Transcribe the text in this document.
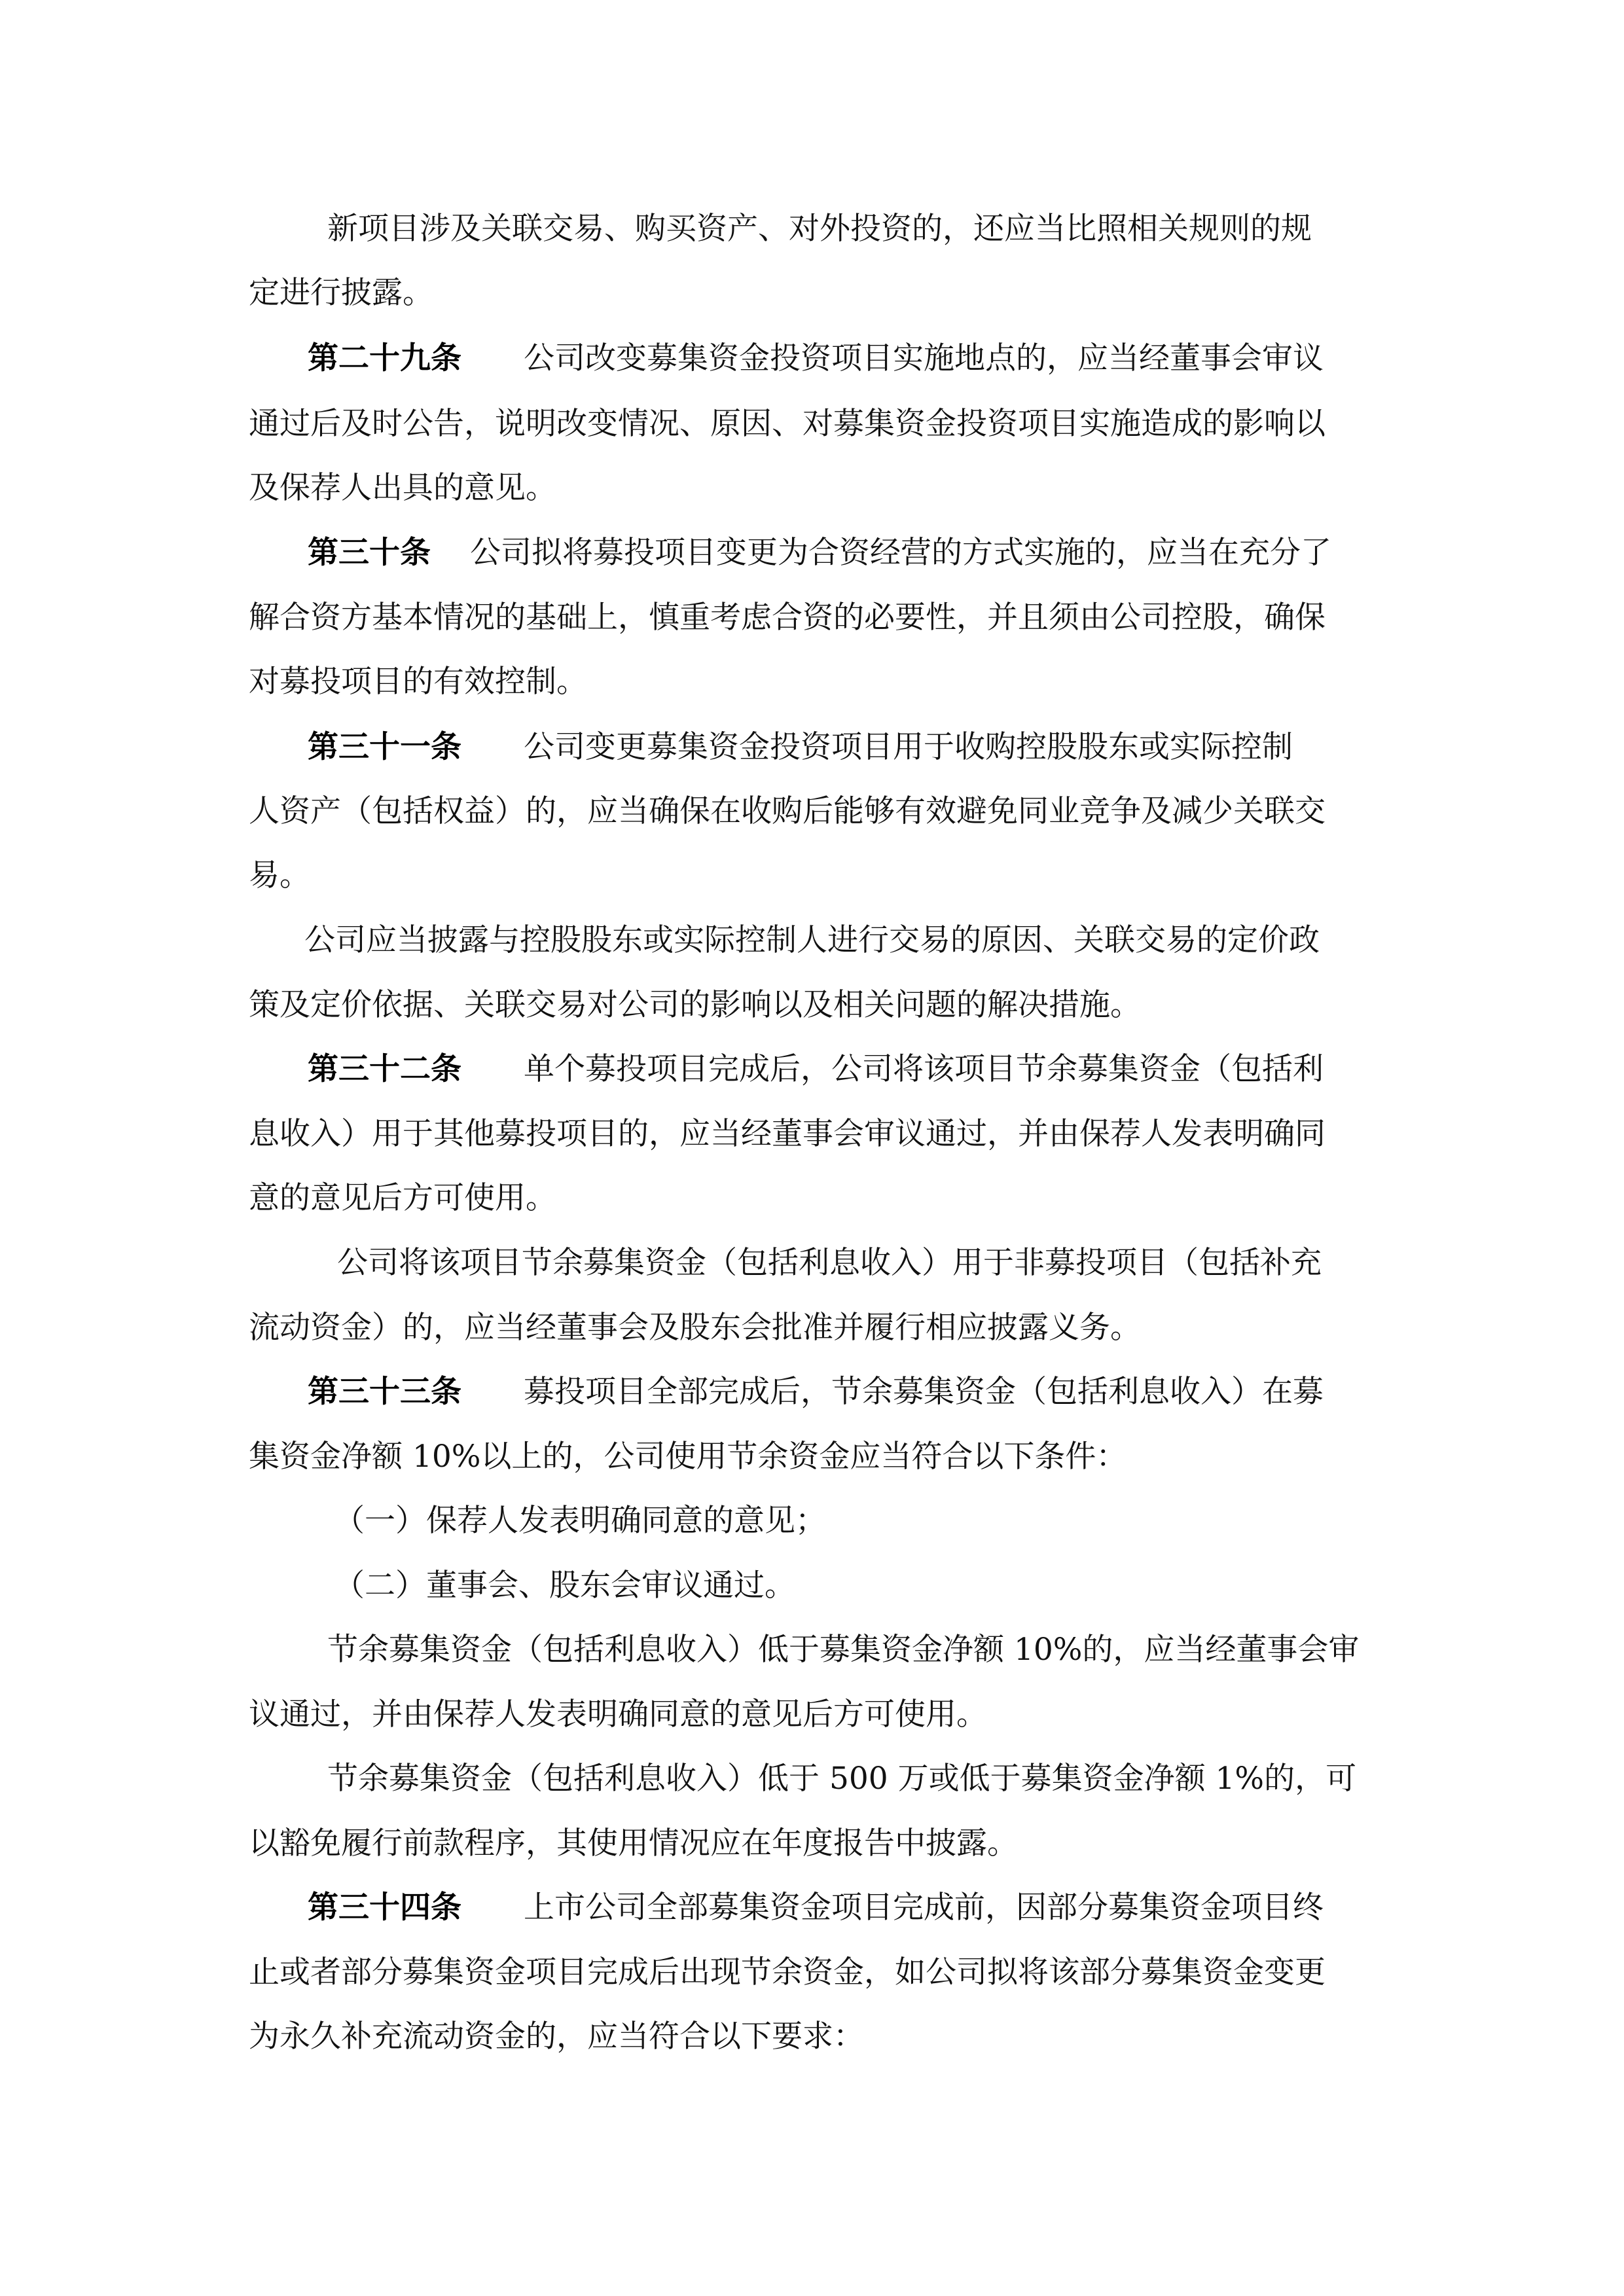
新项目涉及关联交易、购买资产、对外投资的，还应当比照相关规则的规
定进行披露。
第二十九条 公司改变募集资金投资项目实施地点的，应当经董事会审议
通过后及时公告，说明改变情况、原因、对募集资金投资项目实施造成的影响以
及保荐人出具的意见。
第三十条 公司拟将募投项目变更为合资经营的方式实施的，应当在充分了
解合资方基本情况的基础上，慎重考虑合资的必要性，并且须由公司控股，确保
对募投项目的有效控制。
第三十一条 公司变更募集资金投资项目用于收购控股股东或实际控制
人资产（包括权益）的，应当确保在收购后能够有效避免同业竞争及减少关联交
易。
公司应当披露与控股股东或实际控制人进行交易的原因、关联交易的定价政
策及定价依据、关联交易对公司的影响以及相关问题的解决措施。
第三十二条 单个募投项目完成后，公司将该项目节余募集资金（包括利
息收入）用于其他募投项目的，应当经董事会审议通过，并由保荐人发表明确同
意的意见后方可使用。
公司将该项目节余募集资金（包括利息收入）用于非募投项目（包括补充
流动资金）的，应当经董事会及股东会批准并履行相应披露义务。
第三十三条 募投项目全部完成后，节余募集资金（包括利息收入）在募
集资金净额 10%以上的，公司使用节余资金应当符合以下条件：
（一）保荐人发表明确同意的意见；
（二）董事会、股东会审议通过。
节余募集资金（包括利息收入）低于募集资金净额 10%的，应当经董事会审
议通过，并由保荐人发表明确同意的意见后方可使用。
节余募集资金（包括利息收入）低于 500 万或低于募集资金净额 1%的，可
以豁免履行前款程序，其使用情况应在年度报告中披露。
第三十四条 上市公司全部募集资金项目完成前，因部分募集资金项目终
止或者部分募集资金项目完成后出现节余资金，如公司拟将该部分募集资金变更
为永久补充流动资金的，应当符合以下要求：
